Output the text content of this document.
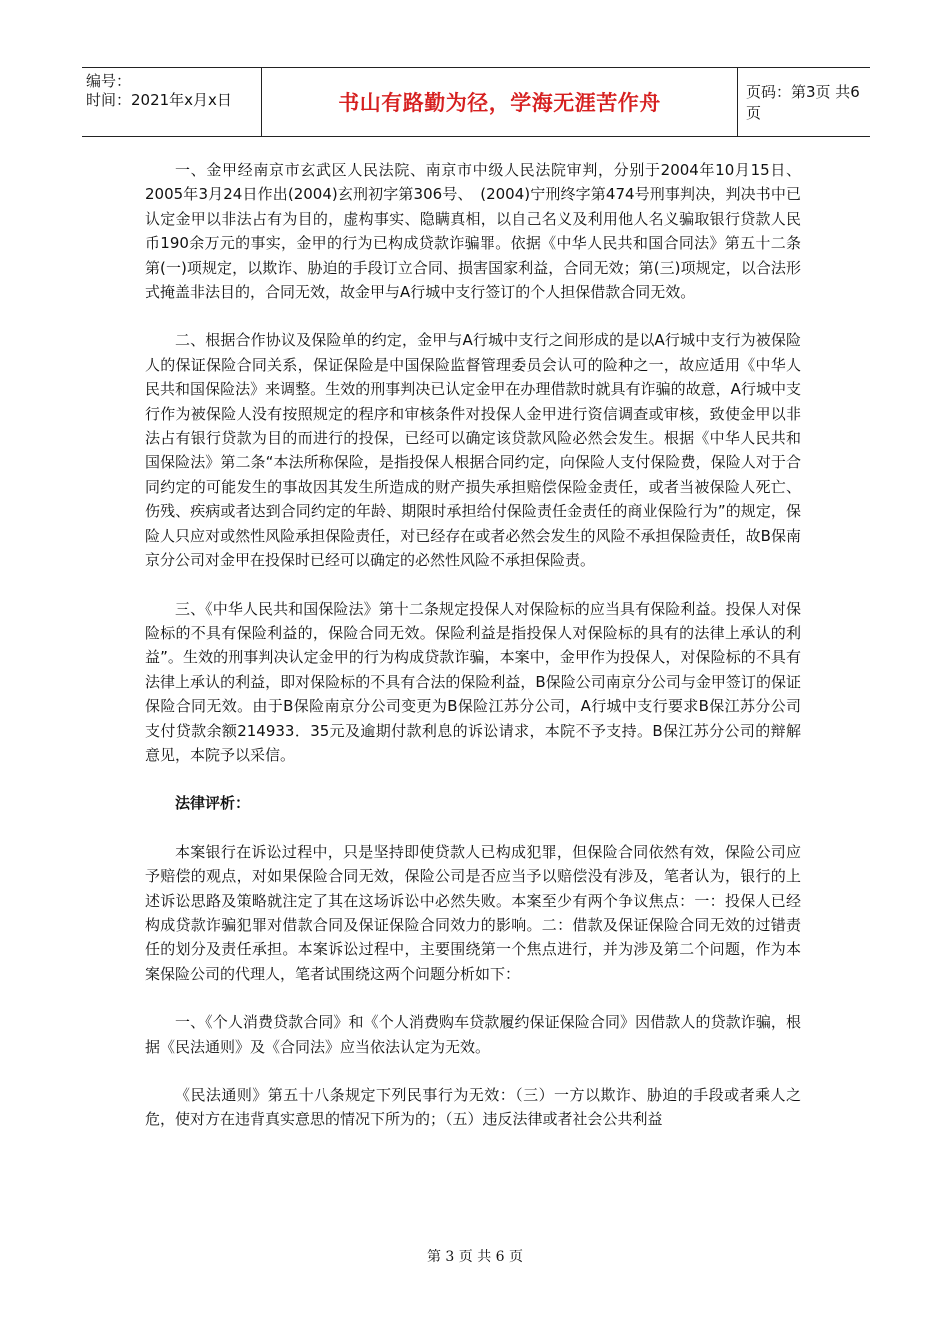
编号：
时间：2021年x月x日	书山有路勤为径，学海无涯苦作舟	页码：第3页 共6页

一、金甲经南京市玄武区人民法院、南京市中级人民法院审判，分别于2004年10月15日、2005年3月24日作出(2004)玄刑初字第306号、　(2004)宁刑终字第474号刑事判决，判决书中已认定金甲以非法占有为目的，虚构事实、隐瞒真相，以自己名义及利用他人名义骗取银行贷款人民币190余万元的事实，金甲的行为已构成贷款诈骗罪。依据《中华人民共和国合同法》第五十二条第(一)项规定，以欺诈、胁迫的手段订立合同、损害国家利益，合同无效；第(三)项规定，以合法形式掩盖非法目的，合同无效，故金甲与A行城中支行签订的个人担保借款合同无效。

二、根据合作协议及保险单的约定，金甲与A行城中支行之间形成的是以A行城中支行为被保险人的保证保险合同关系，保证保险是中国保险监督管理委员会认可的险种之一，故应适用《中华人民共和国保险法》来调整。生效的刑事判决已认定金甲在办理借款时就具有诈骗的故意，A行城中支行作为被保险人没有按照规定的程序和审核条件对投保人金甲进行资信调查或审核，致使金甲以非法占有银行贷款为目的而进行的投保，已经可以确定该贷款风险必然会发生。根据《中华人民共和国保险法》第二条“本法所称保险，是指投保人根据合同约定，向保险人支付保险费，保险人对于合同约定的可能发生的事故因其发生所造成的财产损失承担赔偿保险金责任，或者当被保险人死亡、伤残、疾病或者达到合同约定的年龄、期限时承担给付保险责任金责任的商业保险行为”的规定，保险人只应对或然性风险承担保险责任，对已经存在或者必然会发生的风险不承担保险责任，故B保南京分公司对金甲在投保时已经可以确定的必然性风险不承担保险责。

三、《中华人民共和国保险法》第十二条规定投保人对保险标的应当具有保险利益。投保人对保险标的不具有保险利益的，保险合同无效。保险利益是指投保人对保险标的具有的法律上承认的利益”。生效的刑事判决认定金甲的行为构成贷款诈骗，本案中，金甲作为投保人，对保险标的不具有法律上承认的利益，即对保险标的不具有合法的保险利益，B保险公司南京分公司与金甲签订的保证保险合同无效。由于B保险南京分公司变更为B保险江苏分公司，A行城中支行要求B保江苏分公司支付贷款余额214933．35元及逾期付款利息的诉讼请求，本院不予支持。B保江苏分公司的辩解意见，本院予以采信。

法律评析：

本案银行在诉讼过程中，只是坚持即使贷款人已构成犯罪，但保险合同依然有效，保险公司应予赔偿的观点，对如果保险合同无效，保险公司是否应当予以赔偿没有涉及，笔者认为，银行的上述诉讼思路及策略就注定了其在这场诉讼中必然失败。本案至少有两个争议焦点：一：投保人已经构成贷款诈骗犯罪对借款合同及保证保险合同效力的影响。二：借款及保证保险合同无效的过错责任的划分及责任承担。本案诉讼过程中，主要围绕第一个焦点进行，并为涉及第二个问题，作为本案保险公司的代理人，笔者试围绕这两个问题分析如下：

一、《个人消费贷款合同》和《个人消费购车贷款履约保证保险合同》因借款人的贷款诈骗，根据《民法通则》及《合同法》应当依法认定为无效。

《民法通则》第五十八条规定下列民事行为无效：（三）一方以欺诈、胁迫的手段或者乘人之危，使对方在违背真实意思的情况下所为的；（五）违反法律或者社会公共利益

第 3 页 共 6 页
